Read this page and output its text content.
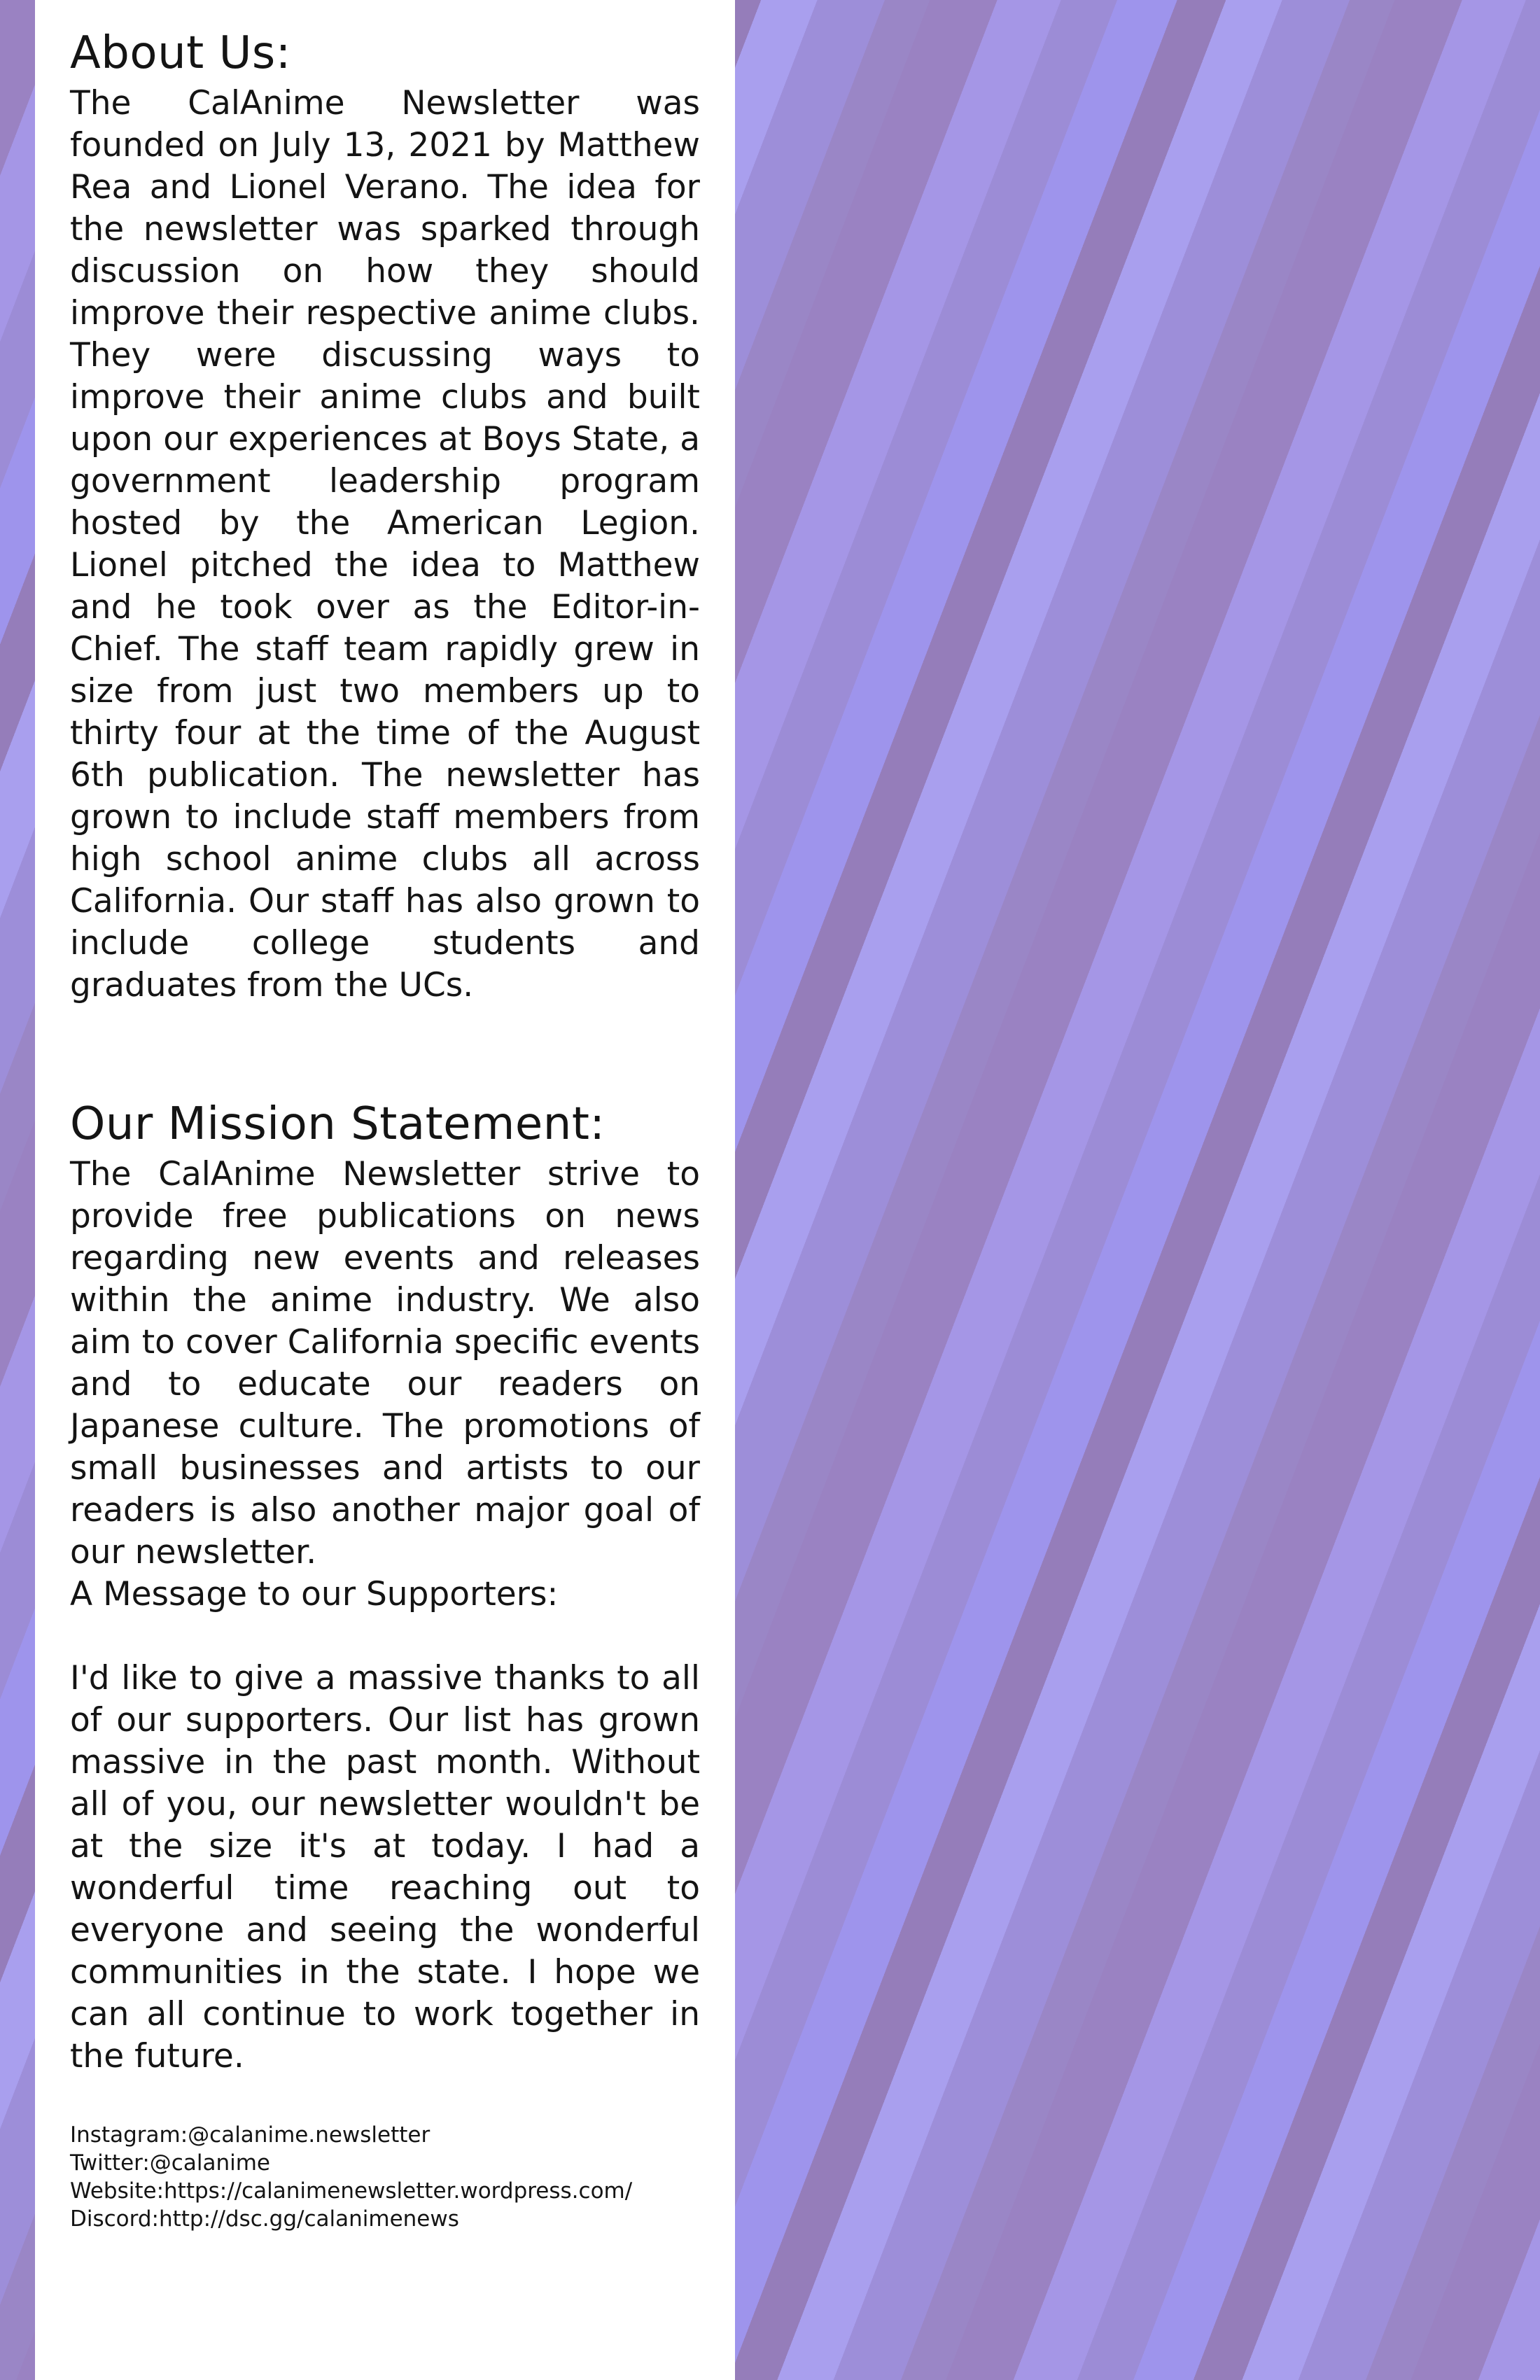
About Us:

The CalAnime Newsletter was founded on July 13, 2021 by Matthew Rea and Lionel Verano. The idea for the newsletter was sparked through discussion on how they should improve their respective anime clubs. They were discussing ways to improve their anime clubs and built upon our experiences at Boys State, a government leadership program hosted by the American Legion. Lionel pitched the idea to Matthew and he took over as the Editor-in-Chief. The staff team rapidly grew in size from just two members up to thirty four at the time of the August 6th publication. The newsletter has grown to include staff members from high school anime clubs all across California. Our staff has also grown to include college students and graduates from the UCs.

Our Mission Statement:

The CalAnime Newsletter strive to provide free publications on news regarding new events and releases within the anime industry. We also aim to cover California specific events and to educate our readers on Japanese culture. The promotions of small businesses and artists to our readers is also another major goal of our newsletter.

A Message to our Supporters:

I'd like to give a massive thanks to all of our supporters. Our list has grown massive in the past month. Without all of you, our newsletter wouldn't be at the size it's at today. I had a wonderful time reaching out to everyone and seeing the wonderful communities in the state. I hope we can all continue to work together in the future.

Instagram:@calanime.newsletter
Twitter:@calanime
Website:https://calanimenewsletter.wordpress.com/
Discord:http://dsc.gg/calanimenews
